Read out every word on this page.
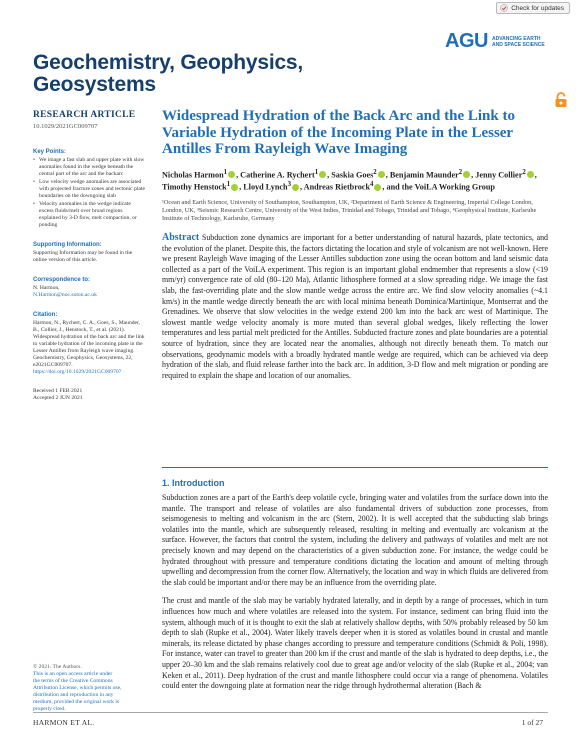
Check for updates
AGU ADVANCING EARTH AND SPACE SCIENCE
Geochemistry, Geophysics,
Geosystems
RESEARCH ARTICLE
10.1029/2021GC009707
Key Points:
• We image a fast slab and upper plate with slow anomalies found in the wedge beneath the central part of the arc and the backarc
• Low velocity wedge anomalies are associated with projected fracture zones and tectonic plate boundaries on the downgoing slab
• Velocity anomalies in the wedge indicate excess fluids/melt over broad regions explained by 3-D flow, melt compaction, or ponding
Supporting Information:
Supporting Information may be found in the online version of this article.
Correspondence to:
N. Harmon,
N.Harmon@noc.soton.ac.uk
Citation:
Harmon, N., Rychert, C. A., Goes, S., Maunder, B., Collier, J., Henstock, T., et al. (2021). Widespread hydration of the back arc and the link to variable hydration of the incoming plate in the Lesser Antilles from Rayleigh wave imaging. Geochemistry, Geophysics, Geosystems, 22, e2021GC009707.
https://doi.org/10.1029/2021GC009707
Received 1 FEB 2021
Accepted 2 JUN 2021
© 2021. The Authors.
This is an open access article under
the terms of the Creative Commons
Attribution License, which permits use,
distribution and reproduction in any
medium, provided the original work is
properly cited.
Widespread Hydration of the Back Arc and the Link to Variable Hydration of the Incoming Plate in the Lesser Antilles From Rayleigh Wave Imaging
Nicholas Harmon$^1$ , Catherine A. Rychert$^1$ , Saskia Goes$^2$ , Benjamin Maunder$^2$ , Jenny Collier$^2$ , Timothy Henstock$^1$ , Lloyd Lynch$^3$ , Andreas Rietbrock$^4$ , and the VoiLA Working Group
¹Ocean and Earth Science, University of Southampton, Southampton, UK, ²Department of Earth Science & Engineering, Imperial College London, London, UK, ³Seismic Research Centre, University of the West Indies, Trinidad and Tobago, Trinidad and Tobago, ⁴Geophysical Institute, Karlsruhe Institute of Technology, Karlsruhe, Germany
Abstract Subduction zone dynamics are important for a better understanding of natural hazards, plate tectonics, and the evolution of the planet. Despite this, the factors dictating the location and style of volcanism are not well-known. Here we present Rayleigh Wave imaging of the Lesser Antilles subduction zone using the ocean bottom and land seismic data collected as a part of the VoiLA experiment. This region is an important global endmember that represents a slow (<19 mm/yr) convergence rate of old (80–120 Ma), Atlantic lithosphere formed at a slow spreading ridge. We image the fast slab, the fast-overriding plate and the slow mantle wedge across the entire arc. We find slow velocity anomalies (~4.1 km/s) in the mantle wedge directly beneath the arc with local minima beneath Dominica/Martinique, Montserrat and the Grenadines. We observe that slow velocities in the wedge extend 200 km into the back arc west of Martinique. The slowest mantle wedge velocity anomaly is more muted than several global wedges, likely reflecting the lower temperatures and less partial melt predicted for the Antilles. Subducted fracture zones and plate boundaries are a potential source of hydration, since they are located near the anomalies, although not directly beneath them. To match our observations, geodynamic models with a broadly hydrated mantle wedge are required, which can be achieved via deep hydration of the slab, and fluid release farther into the back arc. In addition, 3-D flow and melt migration or ponding are required to explain the shape and location of our anomalies.
1. Introduction

Subduction zones are a part of the Earth's deep volatile cycle, bringing water and volatiles from the surface down into the mantle. The transport and release of volatiles are also fundamental drivers of subduction zone processes, from seismogenesis to melting and volcanism in the arc (Stern, 2002). It is well accepted that the subducting slab brings volatiles into the mantle, which are subsequently released, resulting in melting and eventually arc volcanism at the surface. However, the factors that control the system, including the delivery and pathways of volatiles and melt are not precisely known and may depend on the characteristics of a given subduction zone. For instance, the wedge could be hydrated throughout with pressure and temperature conditions dictating the location and amount of melting through upwelling and decompression from the corner flow. Alternatively, the location and way in which fluids are delivered from the slab could be important and/or there may be an influence from the overriding plate.

The crust and mantle of the slab may be variably hydrated laterally, and in depth by a range of processes, which in turn influences how much and where volatiles are released into the system. For instance, sediment can bring fluid into the system, although much of it is thought to exit the slab at relatively shallow depths, with 50% probably released by 50 km depth to slab (Rupke et al., 2004). Water likely travels deeper when it is stored as volatiles bound in crustal and mantle minerals, its release dictated by phase changes according to pressure and temperature conditions (Schmidt & Poli, 1998). For instance, water can travel to greater than 200 km if the crust and mantle of the slab is hydrated to deep depths, i.e., the upper 20–30 km and the slab remains relatively cool due to great age and/or velocity of the slab (Rupke et al., 2004; van Keken et al., 2011). Deep hydration of the crust and mantle lithosphere could occur via a range of phenomena. Volatiles could enter the downgoing plate at formation near the ridge through hydrothermal alteration (Bach &

HARMON ET AL.	1 of 27
